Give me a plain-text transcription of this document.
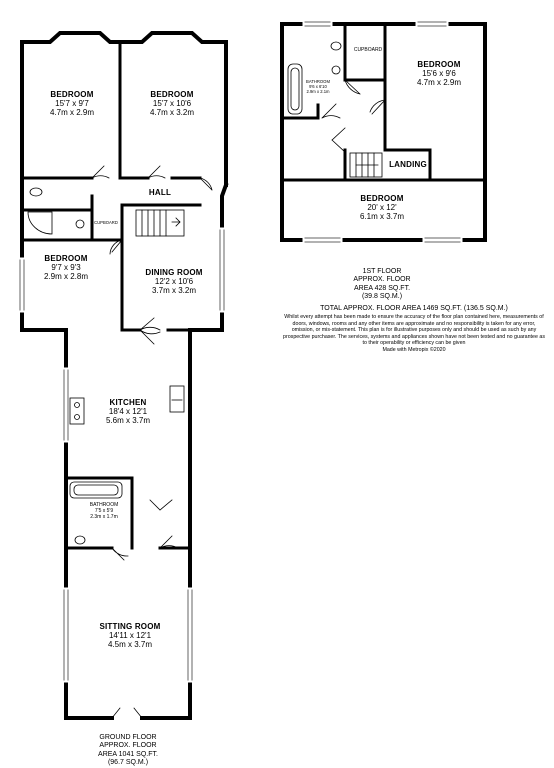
BEDROOM
15'7 x 9'7
4.7m x 2.9m
BEDROOM
15'7 x 10'6
4.7m x 3.2m
HALL
CUPBOARD
BEDROOM
9'7 x 9'3
2.9m x 2.8m	DINING ROOM
12'2 x 10'6
3.7m x 3.2m
KITCHEN
18'4 x 12'1
5.6m x 3.7m
BATHROOM
7'5 x 5'9
2.3m x 1.7m
SITTING ROOM
14'11 x 12'1
4.5m x 3.7m
GROUND FLOOR
APPROX. FLOOR
AREA 1041 SQ.FT.
(96.7 SQ.M.)
CUPBOARD
BATHROOM
9'6 x 6'10
2.9m x 2.1m
BEDROOM
15'6 x 9'6
4.7m x 2.9m
LANDING
BEDROOM
20' x 12'
6.1m x 3.7m
1ST FLOOR
APPROX. FLOOR
AREA 428 SQ.FT.
(39.8 SQ.M.)
TOTAL APPROX. FLOOR AREA 1469 SQ.FT. (136.5 SQ.M.)
Whilst every attempt has been made to ensure the accuracy of the floor plan contained here, measurements of doors, windows, rooms and any other items are approximate and no responsibility is taken for any error, omission, or mis-statement. This plan is for illustrative purposes only and should be used as such by any prospective purchaser. The services, systems and appliances shown have not been tested and no guarantee as to their operability or efficiency can be given
Made with Metropix ©2020
